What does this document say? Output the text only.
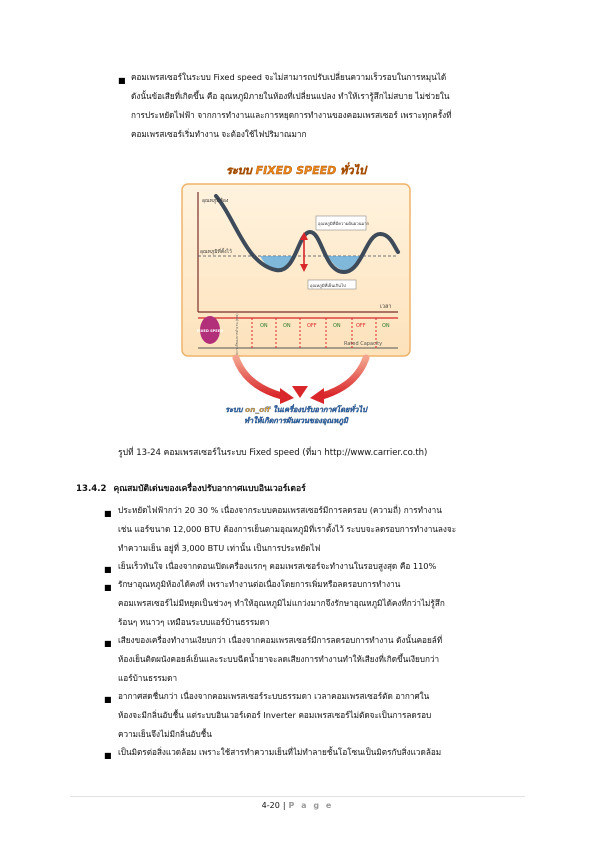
■ คอมเพรสเซอร์ในระบบ Fixed speed จะไม่สามารถปรับเปลี่ยนความเร็วรอบในการหมุนได้
ดังนั้นข้อเสียที่เกิดขึ้น คือ อุณหภูมิภายในห้องที่เปลี่ยนแปลง ทำให้เรารู้สึกไม่สบาย ไม่ช่วยใน
การประหยัดไฟฟ้า จากการทำงานและการหยุดการทำงานของคอมเพรสเซอร์ เพราะทุกครั้งที่
คอมเพรสเซอร์เริ่มทำงาน จะต้องใช้ไฟปริมาณมาก
ระบบ FIXED SPEED ทั่วไป
อุณหภูมิห้อง
อุณหภูมิที่ตั้งไว้
อุณหภูมิที่มีความผันผวนมาก
อุณหภูมิที่เย็นเกินไป
เวลา
FIXED SPEED	ความถี่ของการทำงาน (rps)	ON	ON	OFF	ON	OFF	ON
Rated Capacity
ระบบ on_off ในเครื่องปรับอากาศโดยทั่วไป
ทำให้เกิดการผันผวนของอุณหภูมิ
รูปที่ 13-24 คอมเพรสเซอร์ในระบบ Fixed speed (ที่มา http://www.carrier.co.th)
13.4.2 คุณสมบัติเด่นของเครื่องปรับอากาศแบบอินเวอร์เตอร์
■ ประหยัดไฟฟ้ากว่า 20 30 % เนื่องจากระบบคอมเพรสเซอร์มีการลดรอบ (ความถี่) การทำงาน
เช่น แอร์ขนาด 12,000 BTU ต้องการเย็นตามอุณหภูมิที่เราตั้งไว้ ระบบจะลดรอบการทำงานลงจะ
ทำความเย็น อยู่ที่ 3,000 BTU เท่านั้น เป็นการประหยัดไฟ
■ เย็นเร็วทันใจ เนื่องจากตอนเปิดเครื่องแรกๆ คอมเพรสเซอร์จะทำงานในรอบสูงสุด คือ 110%
■ รักษาอุณหภูมิห้องได้คงที่ เพราะทำงานต่อเนื่องโดยการเพิ่มหรือลดรอบการทำงาน
คอมเพรสเซอร์ไม่มีหยุดเป็นช่วงๆ ทำให้อุณหภูมิไม่แกว่งมากจึงรักษาอุณหภูมิได้คงที่กว่าไม่รู้สึก
ร้อนๆ หนาวๆ เหมือนระบบแอร์บ้านธรรมดา
■ เสียงของเครื่องทำงานเงียบกว่า เนื่องจากคอมเพรสเซอร์มีการลดรอบการทำงาน ดังนั้นคอยล์ที่
ห้องเย็นติดผนังคอยล์เย็นและระบบฉีดน้ำยาจะลดเสียงการทำงานทำให้เสียงที่เกิดขึ้นเงียบกว่า
แอร์บ้านธรรมดา
■ อากาศสดชื่นกว่า เนื่องจากคอมเพรสเซอร์ระบบธรรมดา เวลาคอมเพรสเซอร์ตัด อากาศใน
ห้องจะมีกลิ่นอับชื้น แต่ระบบอินเวอร์เตอร์ Inverter คอมเพรสเซอร์ไม่ตัดจะเป็นการลดรอบ
ความเย็นจึงไม่มีกลิ่นอับชื้น
■ เป็นมิตรต่อสิ่งแวดล้อม เพราะใช้สารทำความเย็นที่ไม่ทำลายชั้นโอโซนเป็นมิตรกับสิ่งแวดล้อม
4-20 | P a g e
